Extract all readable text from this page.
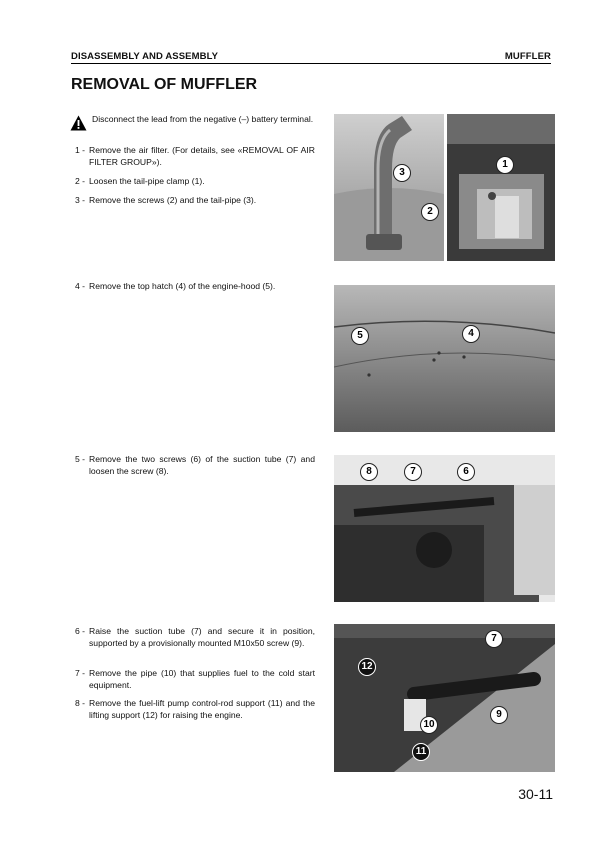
DISASSEMBLY AND ASSEMBLY	MUFFLER
REMOVAL OF MUFFLER
Disconnect the lead from the negative (–) battery terminal.
1 - Remove the air filter. (For details, see «REMOVAL OF AIR FILTER GROUP»).
2 - Loosen the tail-pipe clamp (1).
3 - Remove the screws (2) and the tail-pipe (3).
4 - Remove the top hatch (4) of the engine-hood (5).
5 - Remove the two screws (6) of the suction tube (7) and loosen the screw (8).
6 - Raise the suction tube (7) and secure it in position, supported by a provisionally mounted M10x50 screw (9).
7 - Remove the pipe (10) that supplies fuel to the cold start equipment.
8 - Remove the fuel-lift pump control-rod support (11) and the lifting support (12) for raising the engine.
3
2
1
5	4
8	7	6
7
12
10
9
11
30-11
